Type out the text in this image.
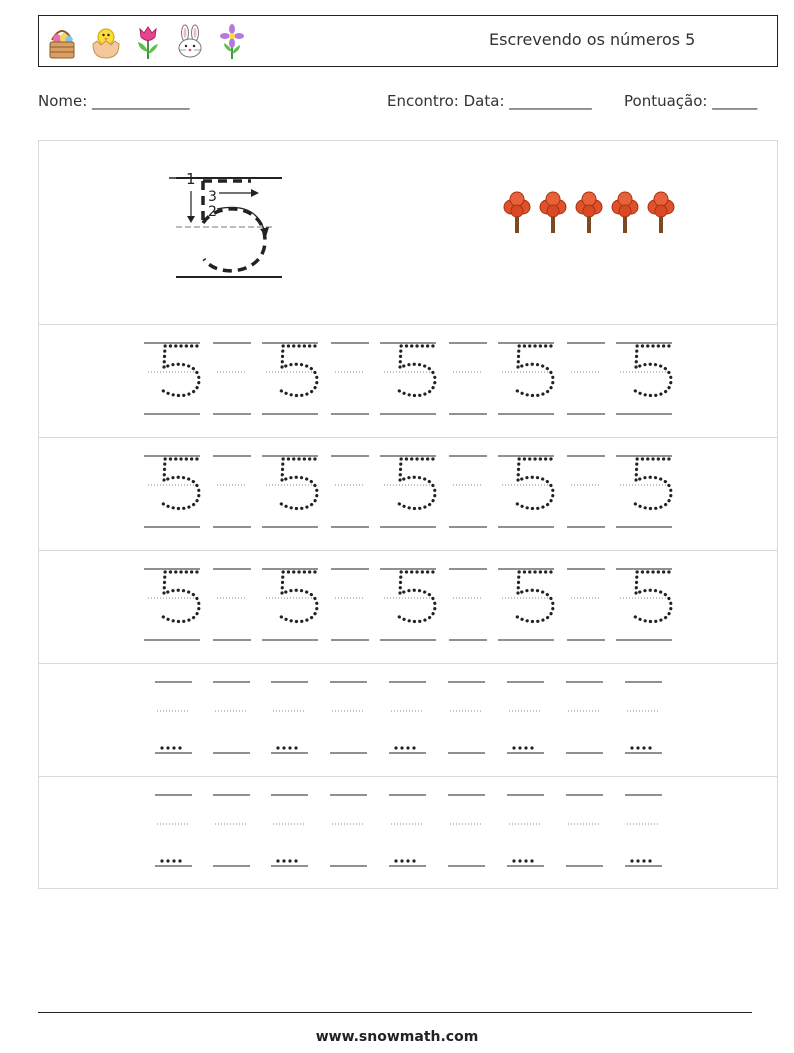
Escrevendo os números 5
Nome: _____________	Encontro: Data: ___________ Pontuação: ______
1
3
2
www.snowmath.com
